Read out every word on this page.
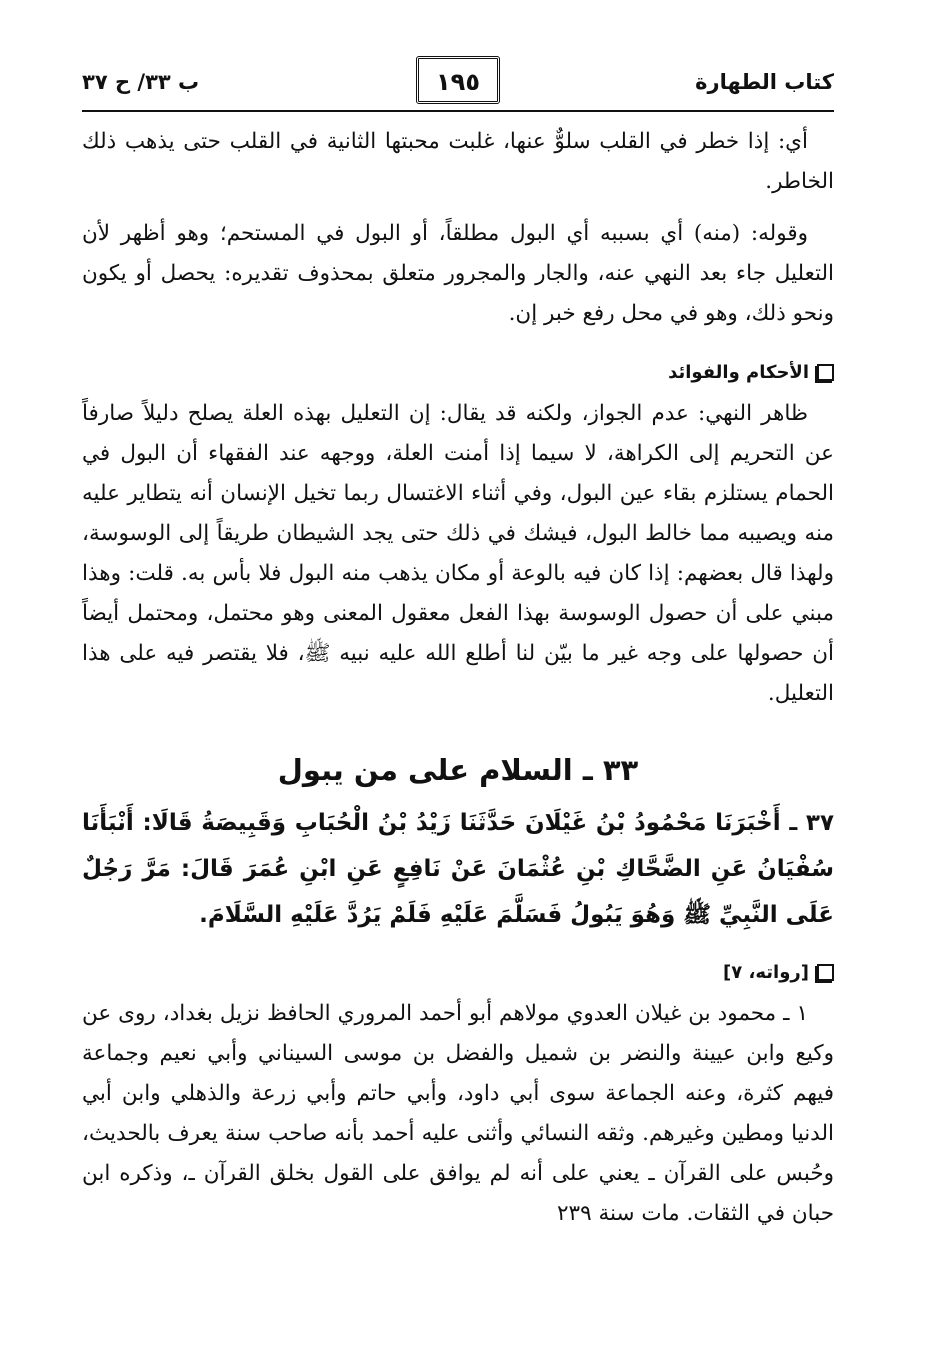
كتاب الطهارة
١٩٥
ب ٣٣/ ح ٣٧

أي: إذا خطر في القلب سلوٌّ عنها، غلبت محبتها الثانية في القلب حتى يذهب ذلك الخاطر.

وقوله: (منه) أي بسببه أي البول مطلقاً، أو البول في المستحم؛ وهو أظهر لأن التعليل جاء بعد النهي عنه، والجار والمجرور متعلق بمحذوف تقديره: يحصل أو يكون ونحو ذلك، وهو في محل رفع خبر إن.

الأحكام والفوائد

ظاهر النهي: عدم الجواز، ولكنه قد يقال: إن التعليل بهذه العلة يصلح دليلاً صارفاً عن التحريم إلى الكراهة، لا سيما إذا أمنت العلة، ووجهه عند الفقهاء أن البول في الحمام يستلزم بقاء عين البول، وفي أثناء الاغتسال ربما تخيل الإنسان أنه يتطاير عليه منه ويصيبه مما خالط البول، فيشك في ذلك حتى يجد الشيطان طريقاً إلى الوسوسة، ولهذا قال بعضهم: إذا كان فيه بالوعة أو مكان يذهب منه البول فلا بأس به. قلت: وهذا مبني على أن حصول الوسوسة بهذا الفعل معقول المعنى وهو محتمل، ومحتمل أيضاً أن حصولها على وجه غير ما بيّن لنا أطلع الله عليه نبيه ﷺ، فلا يقتصر فيه على هذا التعليل.

٣٣ ـ السلام على من يبول

٣٧ ـ أَخْبَرَنَا مَحْمُودُ بْنُ غَيْلَانَ حَدَّثَنَا زَيْدُ بْنُ الْحُبَابِ وَقَبِيصَةُ قَالَا: أَنْبَأَنَا سُفْيَانُ عَنِ الضَّحَّاكِ بْنِ عُثْمَانَ عَنْ نَافِعٍ عَنِ ابْنِ عُمَرَ قَالَ: مَرَّ رَجُلٌ عَلَى النَّبِيِّ ﷺ وَهُوَ يَبُولُ فَسَلَّمَ عَلَيْهِ فَلَمْ يَرُدَّ عَلَيْهِ السَّلَامَ.

[رواته، ٧]

١ ـ محمود بن غيلان العدوي مولاهم أبو أحمد المروري الحافظ نزيل بغداد، روى عن وكيع وابن عيينة والنضر بن شميل والفضل بن موسى السيناني وأبي نعيم وجماعة فيهم كثرة، وعنه الجماعة سوى أبي داود، وأبي حاتم وأبي زرعة والذهلي وابن أبي الدنيا ومطين وغيرهم. وثقه النسائي وأثنى عليه أحمد بأنه صاحب سنة يعرف بالحديث، وحُبس على القرآن ـ يعني على أنه لم يوافق على القول بخلق القرآن ـ، وذكره ابن حبان في الثقات. مات سنة ٢٣٩
